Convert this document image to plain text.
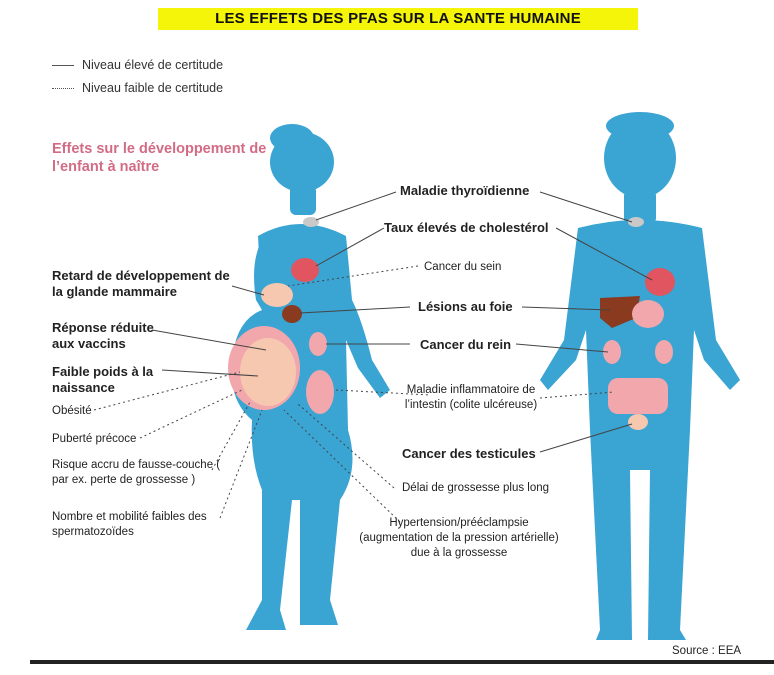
LES EFFETS DES PFAS SUR LA SANTE HUMAINE
Niveau élevé de certitude
Niveau faible de certitude
Effets sur le développement de l’enfant à naître
Maladie thyroïdienne
Taux élevés de cholestérol
Cancer du sein
Lésions au foie
Cancer du rein
Maladie inflammatoire de l’intestin (colite ulcéreuse)
Cancer des testicules
Délai de grossesse plus long
Hypertension/prééclampsie (augmentation de la pression artérielle) due à la grossesse
Retard de développement de la glande mammaire
Réponse réduite aux vaccins
Faible poids à la naissance
Obésité
Puberté précoce
Risque accru de fausse-couche ( par ex. perte de grossesse )
Nombre et mobilité faibles des spermatozoïdes
Source : EEA
